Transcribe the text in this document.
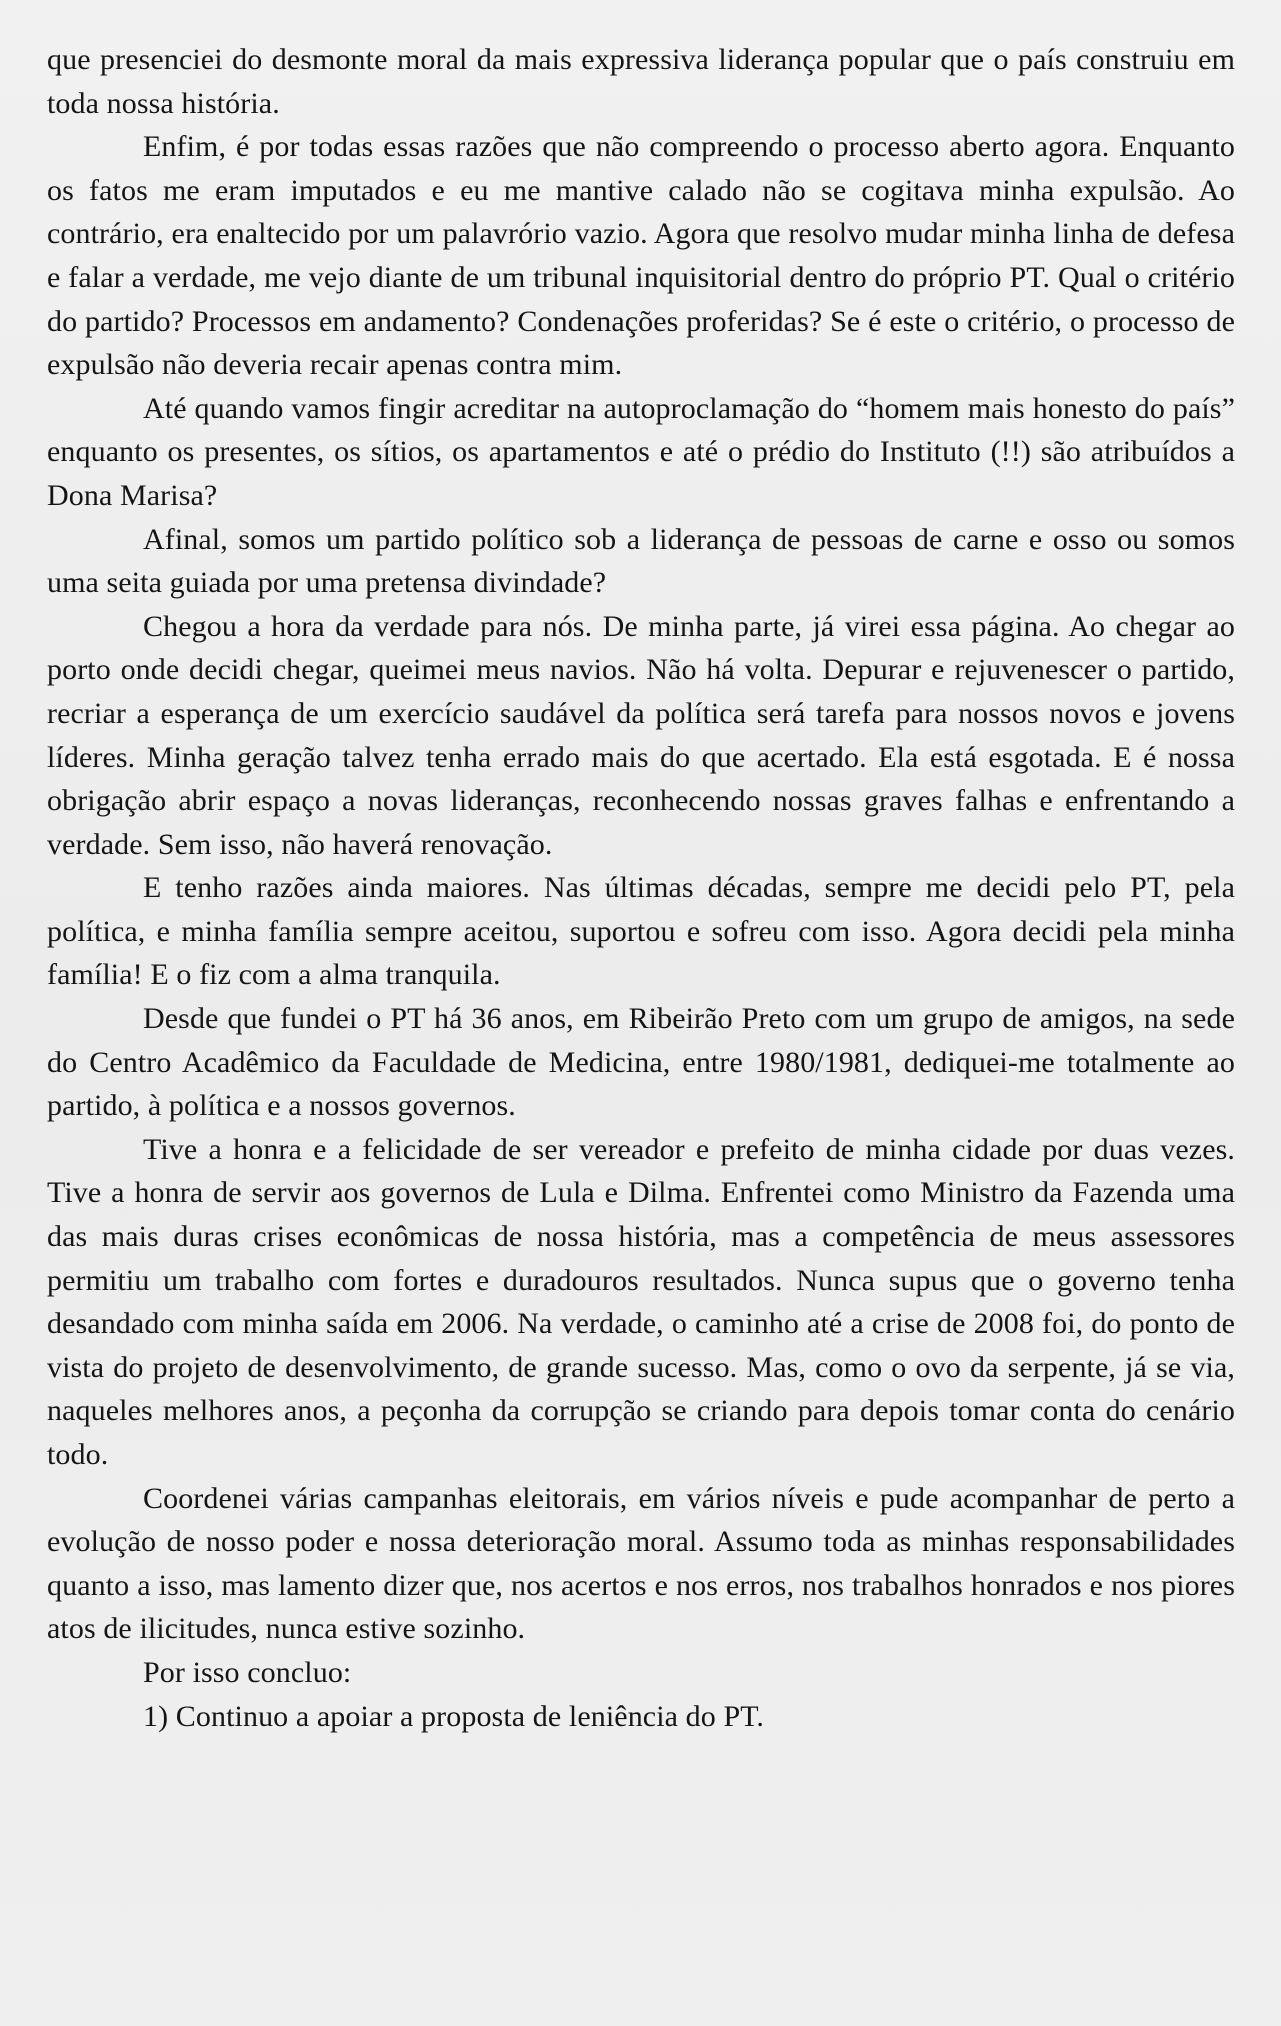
que presenciei do desmonte moral da mais expressiva liderança popular que o país construiu em toda nossa história.

Enfim, é por todas essas razões que não compreendo o processo aberto agora. Enquanto os fatos me eram imputados e eu me mantive calado não se cogitava minha expulsão. Ao contrário, era enaltecido por um palavrório vazio. Agora que resolvo mudar minha linha de defesa e falar a verdade, me vejo diante de um tribunal inquisitorial dentro do próprio PT. Qual o critério do partido? Processos em andamento? Condenações proferidas? Se é este o critério, o processo de expulsão não deveria recair apenas contra mim.

Até quando vamos fingir acreditar na autoproclamação do “homem mais honesto do país” enquanto os presentes, os sítios, os apartamentos e até o prédio do Instituto (!!) são atribuídos a Dona Marisa?

Afinal, somos um partido político sob a liderança de pessoas de carne e osso ou somos uma seita guiada por uma pretensa divindade?

Chegou a hora da verdade para nós. De minha parte, já virei essa página. Ao chegar ao porto onde decidi chegar, queimei meus navios. Não há volta. Depurar e rejuvenescer o partido, recriar a esperança de um exercício saudável da política será tarefa para nossos novos e jovens líderes. Minha geração talvez tenha errado mais do que acertado. Ela está esgotada. E é nossa obrigação abrir espaço a novas lideranças, reconhecendo nossas graves falhas e enfrentando a verdade. Sem isso, não haverá renovação.

E tenho razões ainda maiores. Nas últimas décadas, sempre me decidi pelo PT, pela política, e minha família sempre aceitou, suportou e sofreu com isso. Agora decidi pela minha família! E o fiz com a alma tranquila.

Desde que fundei o PT há 36 anos, em Ribeirão Preto com um grupo de amigos, na sede do Centro Acadêmico da Faculdade de Medicina, entre 1980/1981, dediquei-me totalmente ao partido, à política e a nossos governos.

Tive a honra e a felicidade de ser vereador e prefeito de minha cidade por duas vezes. Tive a honra de servir aos governos de Lula e Dilma. Enfrentei como Ministro da Fazenda uma das mais duras crises econômicas de nossa história, mas a competência de meus assessores permitiu um trabalho com fortes e duradouros resultados. Nunca supus que o governo tenha desandado com minha saída em 2006. Na verdade, o caminho até a crise de 2008 foi, do ponto de vista do projeto de desenvolvimento, de grande sucesso. Mas, como o ovo da serpente, já se via, naqueles melhores anos, a peçonha da corrupção se criando para depois tomar conta do cenário todo.

Coordenei várias campanhas eleitorais, em vários níveis e pude acompanhar de perto a evolução de nosso poder e nossa deterioração moral. Assumo toda as minhas responsabilidades quanto a isso, mas lamento dizer que, nos acertos e nos erros, nos trabalhos honrados e nos piores atos de ilicitudes, nunca estive sozinho.

Por isso concluo:

1) Continuo a apoiar a proposta de leniência do PT.
